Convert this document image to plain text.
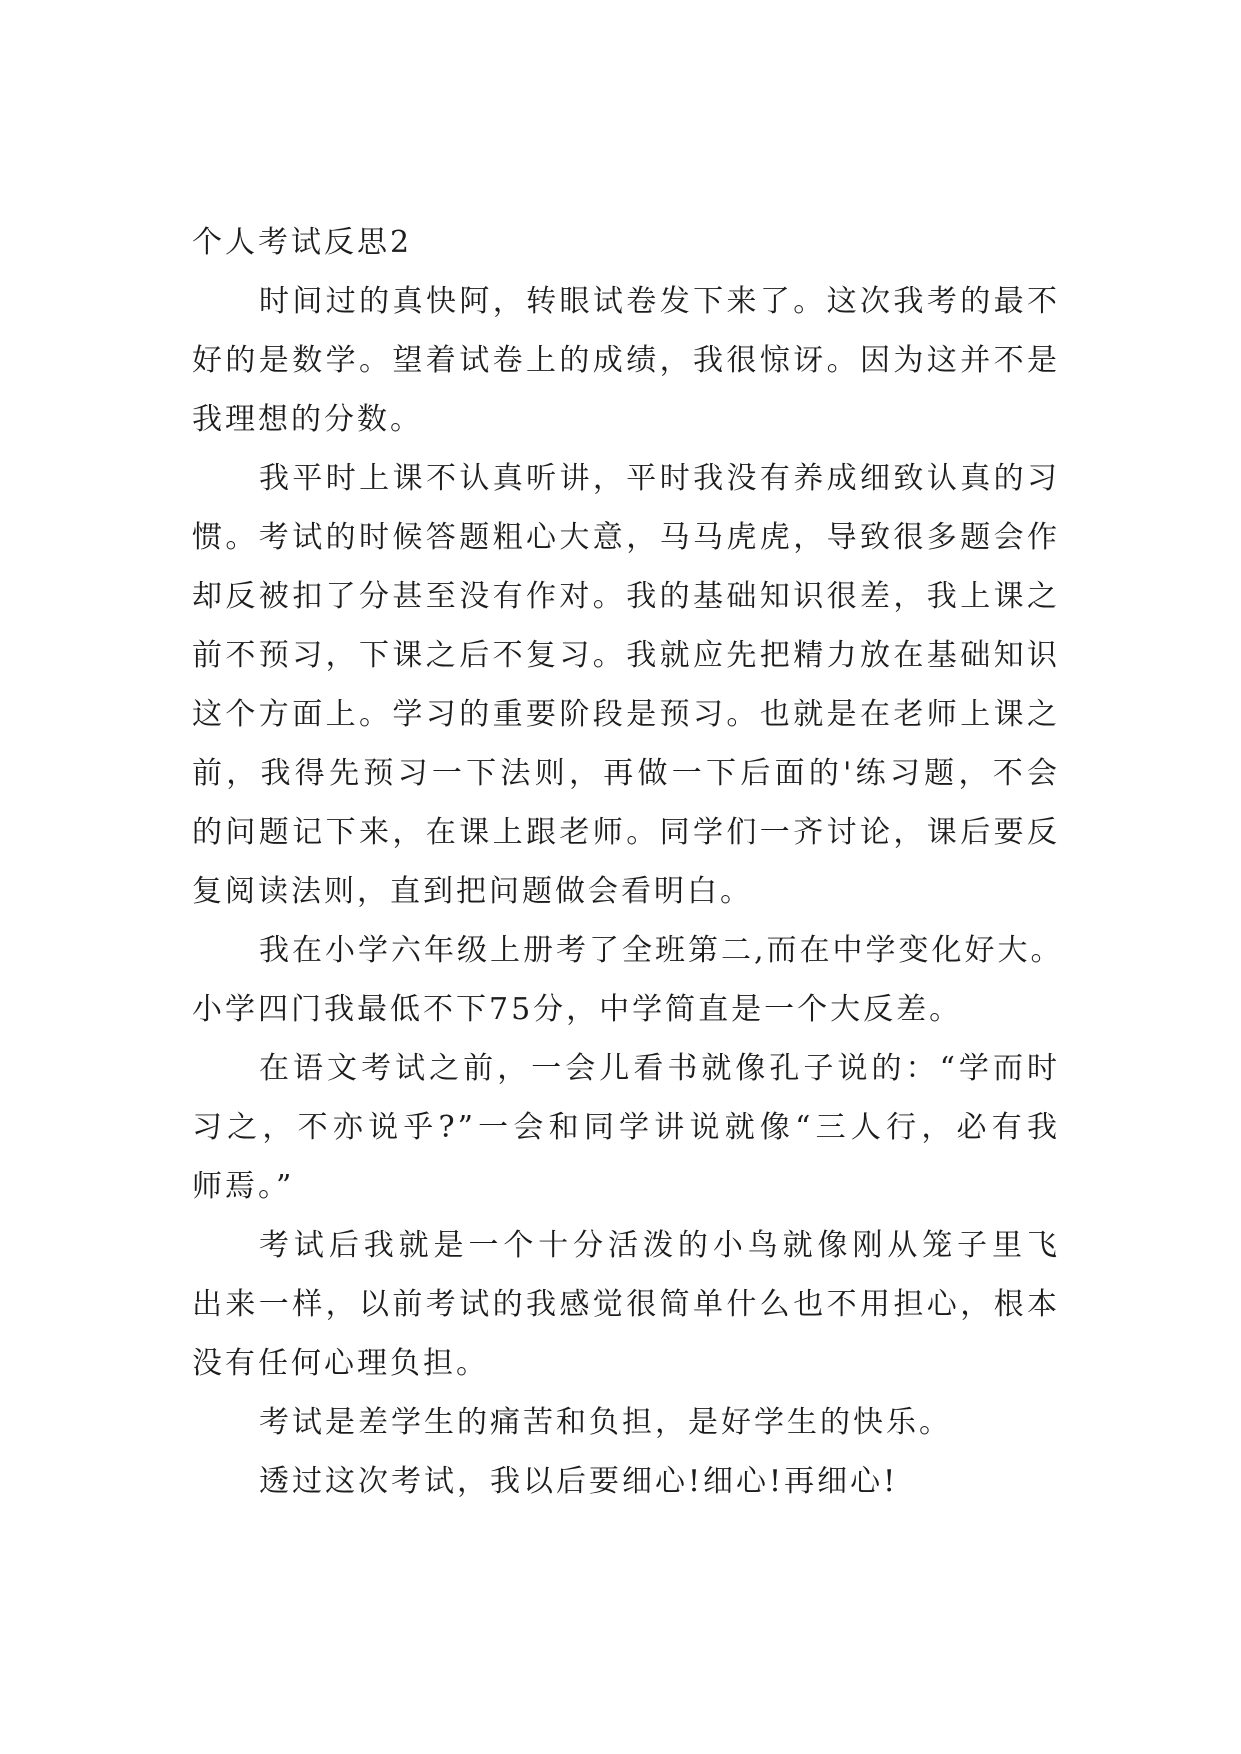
个人考试反思2
时间过的真快阿，转眼试卷发下来了。这次我考的最不
好的是数学。望着试卷上的成绩，我很惊讶。因为这并不是
我理想的分数。
我平时上课不认真听讲，平时我没有养成细致认真的习
惯。考试的时候答题粗心大意，马马虎虎，导致很多题会作
却反被扣了分甚至没有作对。我的基础知识很差，我上课之
前不预习，下课之后不复习。我就应先把精力放在基础知识
这个方面上。学习的重要阶段是预习。也就是在老师上课之
前，我得先预习一下法则，再做一下后面的'练习题，不会
的问题记下来，在课上跟老师。同学们一齐讨论，课后要反
复阅读法则，直到把问题做会看明白。
我在小学六年级上册考了全班第二,而在中学变化好大。
小学四门我最低不下75分，中学简直是一个大反差。
在语文考试之前，一会儿看书就像孔子说的：“学而时
习之，不亦说乎?”一会和同学讲说就像“三人行，必有我
师焉。”
考试后我就是一个十分活泼的小鸟就像刚从笼子里飞
出来一样，以前考试的我感觉很简单什么也不用担心，根本
没有任何心理负担。
考试是差学生的痛苦和负担，是好学生的快乐。
透过这次考试，我以后要细心!细心!再细心!
